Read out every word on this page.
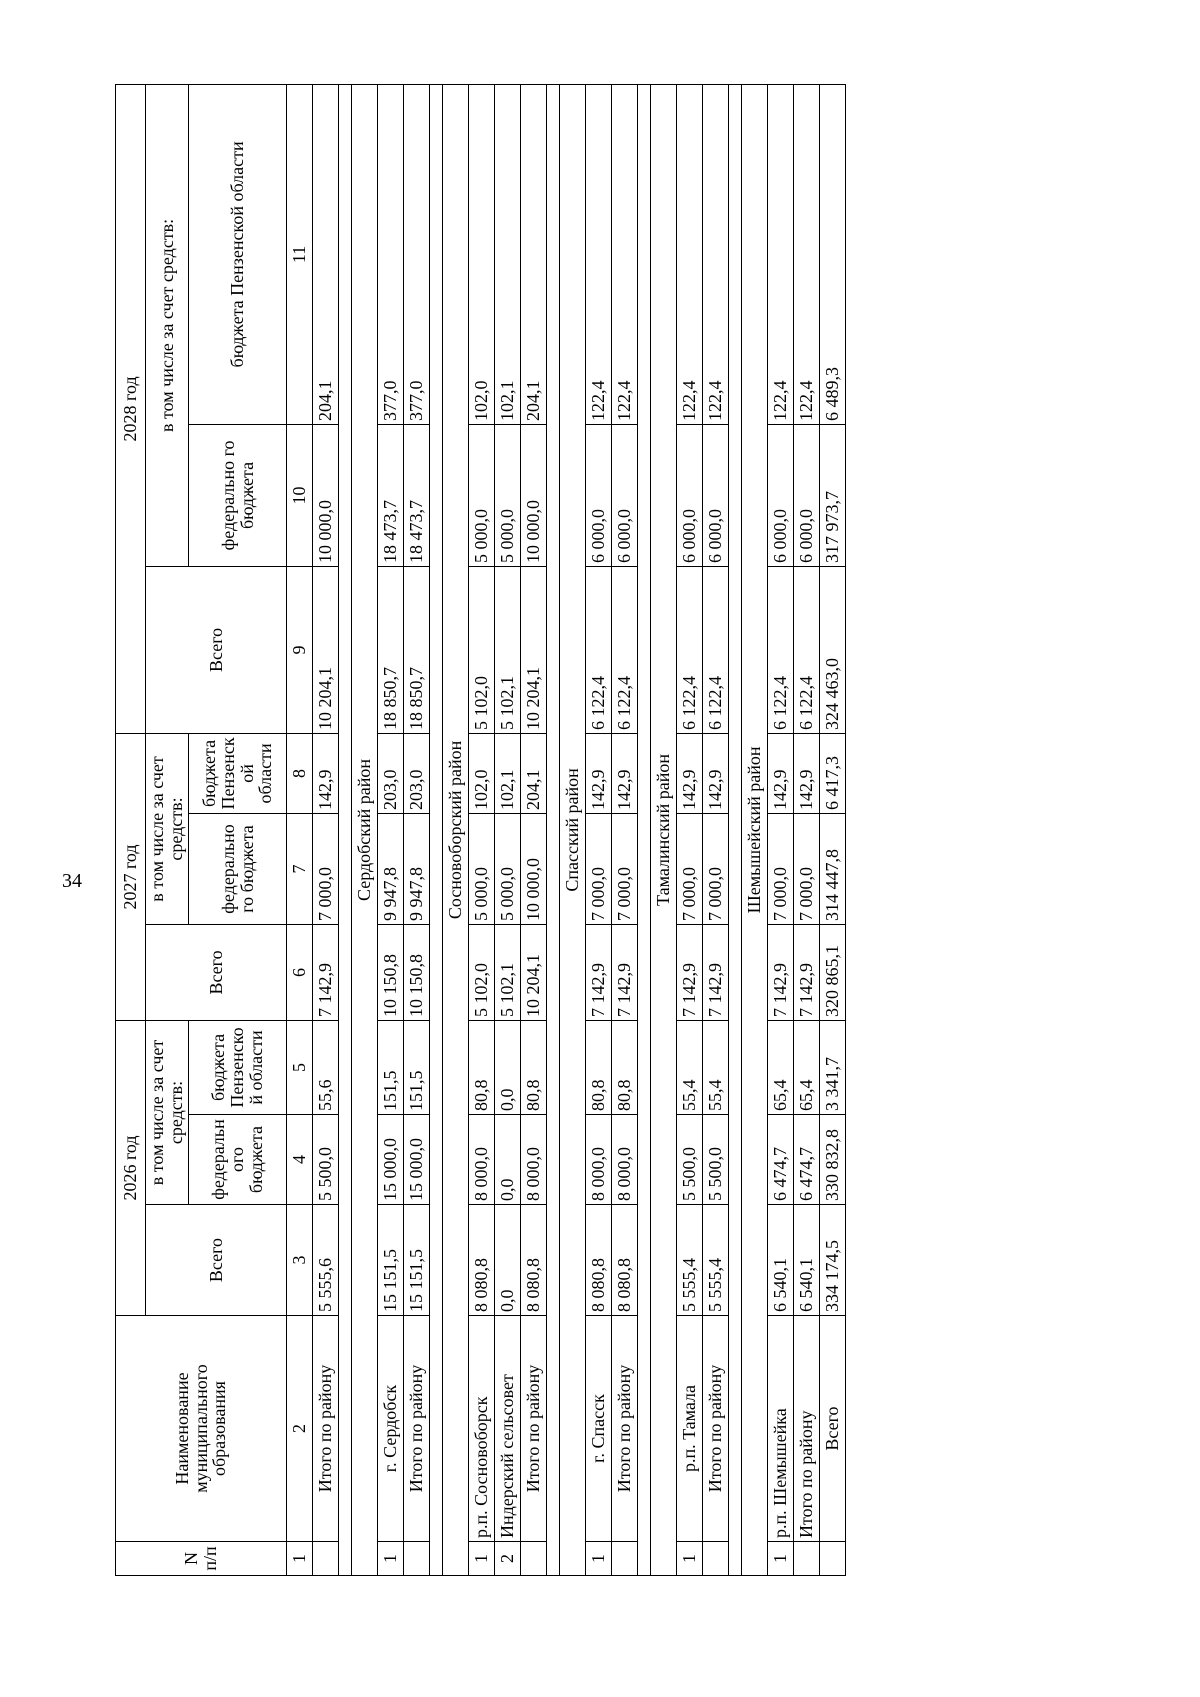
34
N п/п	Наименование муниципального образования	2026 год			2027 год			2028 год		
		Всего	в том числе за счет средств:		Всего	в том числе за счет средств:		Всего	в том числе за счет средств:	
			федеральн ого бюджета	бюджета Пензенско й области		федерально го бюджета	бюджета Пензенск ой области		федерально го бюджета	бюджета Пензенской области
1	2	3	4	5	6	7	8	9	10	11
	Итого по району	5 555,6	5 500,0	55,6	7 142,9	7 000,0	142,9	10 204,1	10 000,0	204,1

Сердобский район										
1	г. Сердобск	15 151,5	15 000,0	151,5	10 150,8	9 947,8	203,0	18 850,7	18 473,7	377,0
	Итого по району	15 151,5	15 000,0	151,5	10 150,8	9 947,8	203,0	18 850,7	18 473,7	377,0

Сосновоборский район										
1	р.п. Сосновоборск	8 080,8	8 000,0	80,8	5 102,0	5 000,0	102,0	5 102,0	5 000,0	102,0
2	Индерский сельсовет	0,0	0,0	0,0	5 102,1	5 000,0	102,1	5 102,1	5 000,0	102,1
	Итого по району	8 080,8	8 000,0	80,8	10 204,1	10 000,0	204,1	10 204,1	10 000,0	204,1

Спасский район										
1	г. Спасск	8 080,8	8 000,0	80,8	7 142,9	7 000,0	142,9	6 122,4	6 000,0	122,4
	Итого по району	8 080,8	8 000,0	80,8	7 142,9	7 000,0	142,9	6 122,4	6 000,0	122,4

Тамалинский район										
1	р.п. Тамала	5 555,4	5 500,0	55,4	7 142,9	7 000,0	142,9	6 122,4	6 000,0	122,4
	Итого по району	5 555,4	5 500,0	55,4	7 142,9	7 000,0	142,9	6 122,4	6 000,0	122,4

Шемышейский район										
1	р.п. Шемышейка	6 540,1	6 474,7	65,4	7 142,9	7 000,0	142,9	6 122,4	6 000,0	122,4
	Итого по району	6 540,1	6 474,7	65,4	7 142,9	7 000,0	142,9	6 122,4	6 000,0	122,4
	Всего	334 174,5	330 832,8	3 341,7	320 865,1	314 447,8	6 417,3	324 463,0	317 973,7	6 489,3
